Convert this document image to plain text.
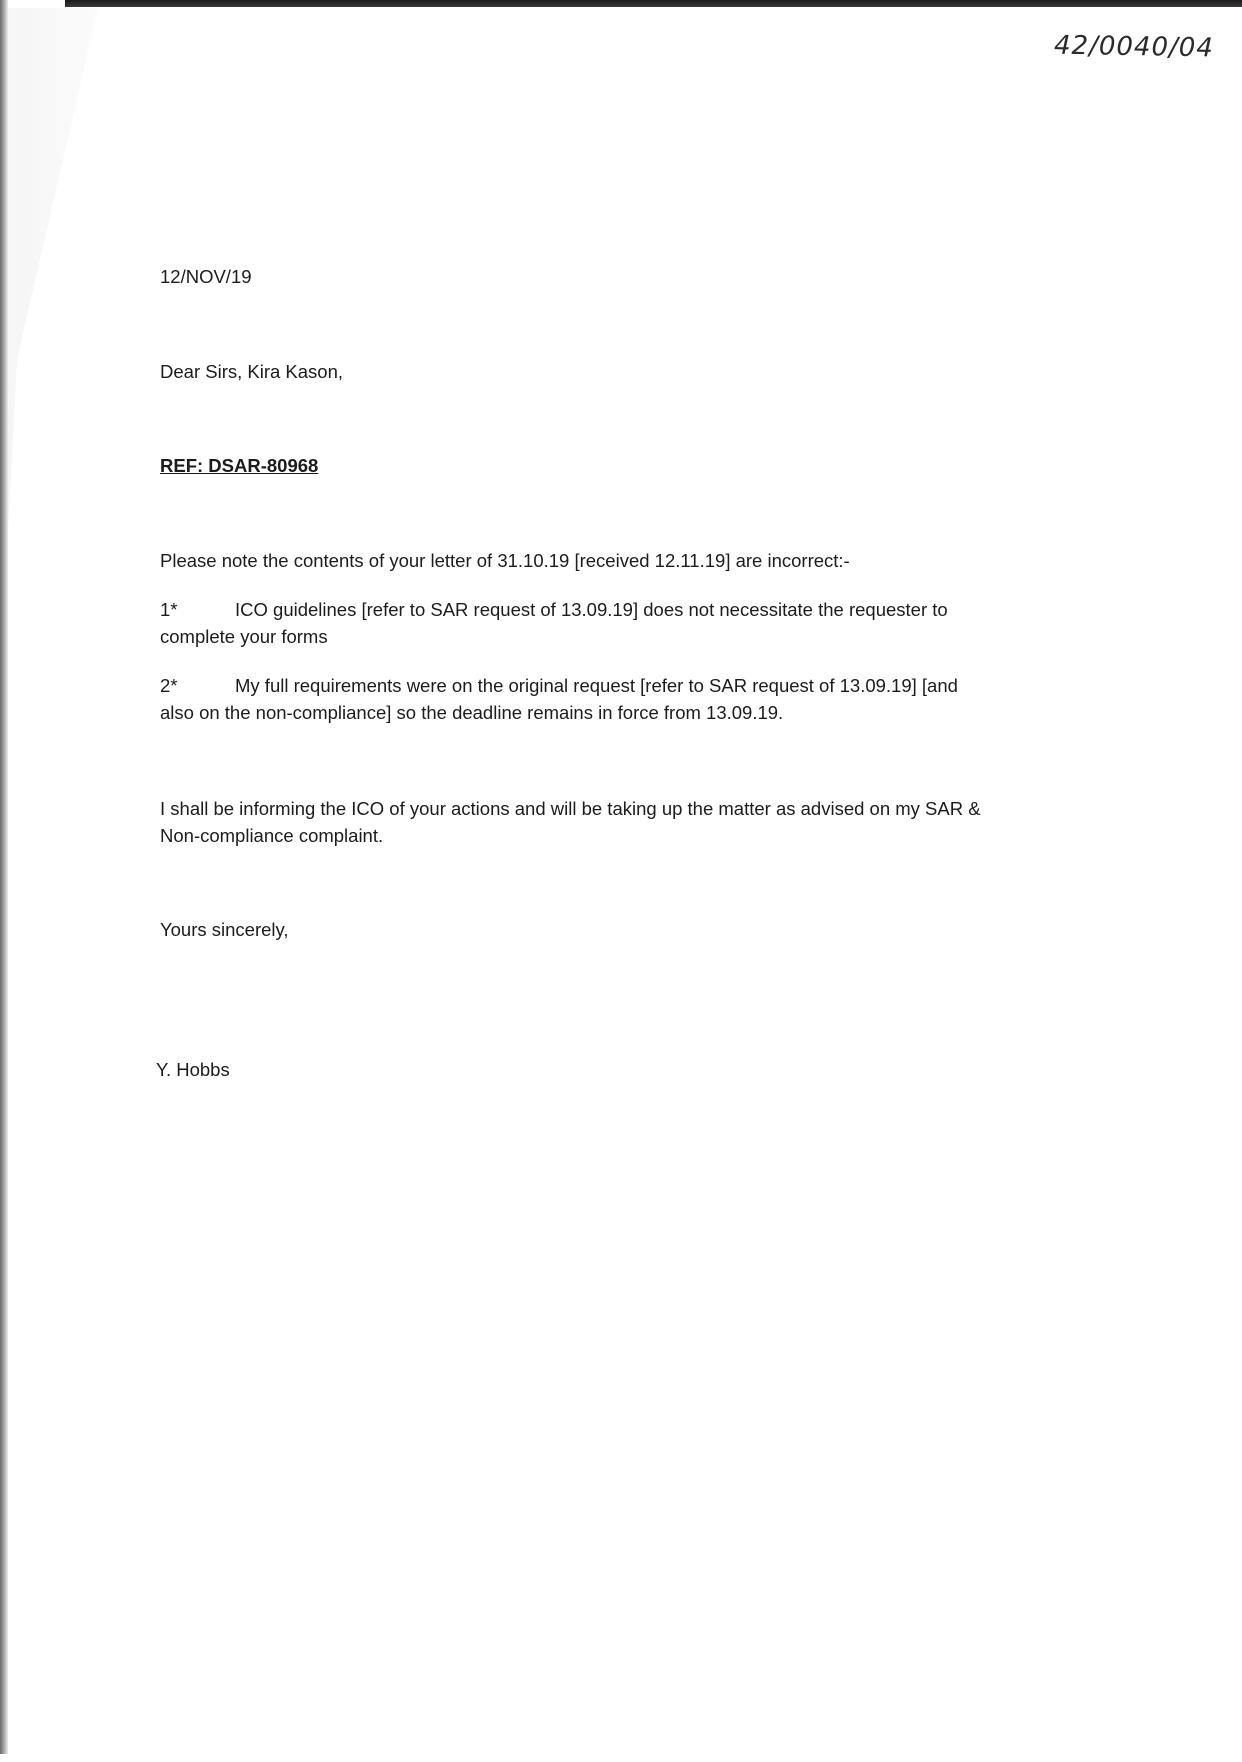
42/0040/04
12/NOV/19
Dear Sirs, Kira Kason,
REF: DSAR-80968
Please note the contents of your letter of 31.10.19 [received 12.11.19] are incorrect:-
1*	ICO guidelines [refer to SAR request of 13.09.19] does not necessitate the requester to
complete your forms
2*	My full requirements were on the original request [refer to SAR request of 13.09.19] [and
also on the non-compliance] so the deadline remains in force from 13.09.19.
I shall be informing the ICO of your actions and will be taking up the matter as advised on my SAR &
Non-compliance complaint.
Yours sincerely,
Y. Hobbs
